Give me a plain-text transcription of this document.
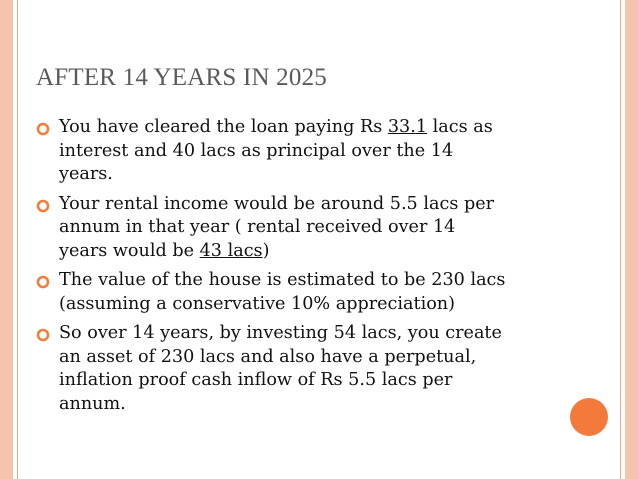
AFTER 14 YEARS IN 2025
You have cleared the loan paying Rs 33.1 lacs as
interest and 40 lacs as principal over the 14
years.
Your rental income would be around 5.5 lacs per
annum in that year ( rental received over 14
years would be 43 lacs)
The value of the house is estimated to be 230 lacs
(assuming a conservative 10% appreciation)
So over 14 years, by investing 54 lacs, you create
an asset of 230 lacs and also have a perpetual,
inflation proof cash inflow of Rs 5.5 lacs per
annum.
